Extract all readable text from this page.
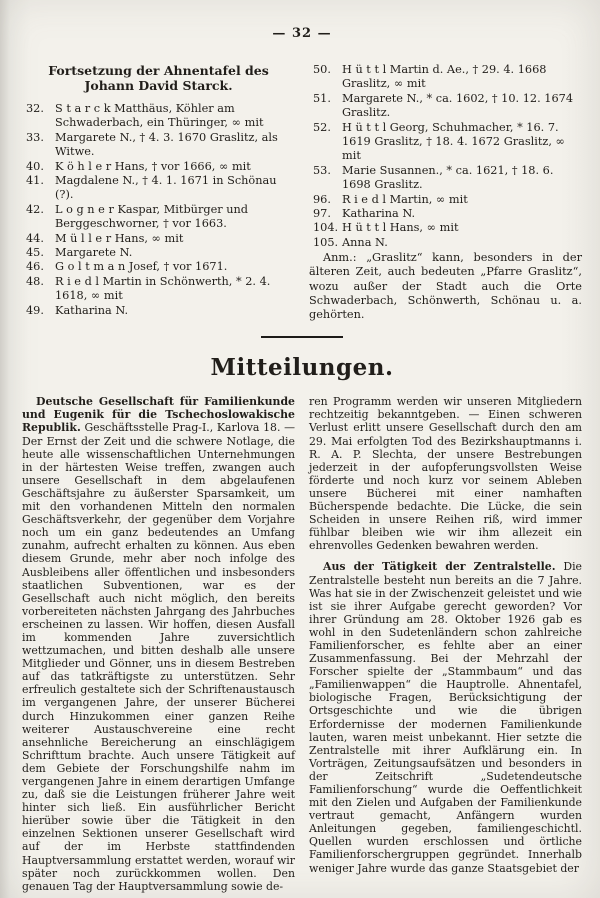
— 32 —
Fortsetzung der Ahnentafel des Johann David Starck.
32. S t a r c k Matthäus, Köhler am Schwaderbach, ein Thüringer, ∞ mit
33. Margarete N., † 4. 3. 1670 Graslitz, als Witwe.
40. K ö h l e r Hans, † vor 1666, ∞ mit
41. Magdalene N., † 4. 1. 1671 in Schönau (?).
42. L o g n e r Kaspar, Mitbürger und Berggeschworner, † vor 1663.
44. M ü l l e r Hans, ∞ mit
45. Margarete N.
46. G o l t m a n Josef, † vor 1671.
48. R i e d l Martin in Schönwerth, * 2. 4. 1618, ∞ mit
49. Katharina N.
50. H ü t t l Martin d. Ae., † 29. 4. 1668 Graslitz, ∞ mit
51. Margarete N., * ca. 1602, † 10. 12. 1674 Graslitz.
52. H ü t t l Georg, Schuhmacher, * 16. 7. 1619 Graslitz, † 18. 4. 1672 Graslitz, ∞ mit
53. Marie Susannen., * ca. 1621, † 18. 6. 1698 Graslitz.
96. R i e d l Martin, ∞ mit
97. Katharina N.
104. H ü t t l Hans, ∞ mit
105. Anna N.

Anm.: „Graslitz“ kann, besonders in der älteren Zeit, auch bedeuten „Pfarre Graslitz“, wozu außer der Stadt auch die Orte Schwaderbach, Schönwerth, Schönau u. a. gehörten.

Mitteilungen.

Deutsche Gesellschaft für Familienkunde und Eugenik für die Tschechoslowakische Republik. Geschäftsstelle Prag-I., Karlova 18. — Der Ernst der Zeit und die schwere Notlage, die heute alle wissenschaftlichen Unternehmungen in der härtesten Weise treffen, zwangen auch unsere Gesellschaft in dem abgelaufenen Geschäftsjahre zu äußerster Sparsamkeit, um mit den vorhandenen Mitteln den normalen Geschäftsverkehr, der gegenüber dem Vorjahre noch um ein ganz bedeutendes an Umfang zunahm, aufrecht erhalten zu können. Aus eben diesem Grunde, mehr aber noch infolge des Ausbleibens aller öffentlichen und insbesonders staatlichen Subventionen, war es der Gesellschaft auch nicht möglich, den bereits vorbereiteten nächsten Jahrgang des Jahrbuches erscheinen zu lassen. Wir hoffen, diesen Ausfall im kommenden Jahre zuversichtlich wettzumachen, und bitten deshalb alle unsere Mitglieder und Gönner, uns in diesem Bestreben auf das tatkräftigste zu unterstützen. Sehr erfreulich gestaltete sich der Schriftenaustausch im vergangenen Jahre, der unserer Bücherei durch Hinzukommen einer ganzen Reihe weiterer Austauschvereine eine recht ansehnliche Bereicherung an einschlägigem Schrifttum brachte. Auch unsere Tätigkeit auf dem Gebiete der Forschungshilfe nahm im vergangenen Jahre in einem derartigen Umfange zu, daß sie die Leistungen früherer Jahre weit hinter sich ließ. Ein ausführlicher Bericht hierüber sowie über die Tätigkeit in den einzelnen Sektionen unserer Gesellschaft wird auf der im Herbste stattfindenden Hauptversammlung erstattet werden, worauf wir später noch zurückkommen wollen. Den genauen Tag der Hauptversammlung sowie de-

ren Programm werden wir unseren Mitgliedern rechtzeitig bekanntgeben. — Einen schweren Verlust erlitt unsere Gesellschaft durch den am 29. Mai erfolgten Tod des Bezirkshauptmanns i. R. A. P. Slechta, der unsere Bestrebungen jederzeit in der aufopferungsvollsten Weise förderte und noch kurz vor seinem Ableben unsere Bücherei mit einer namhaften Bücherspende bedachte. Die Lücke, die sein Scheiden in unsere Reihen riß, wird immer fühlbar bleiben wie wir ihm allezeit ein ehrenvolles Gedenken bewahren werden.

Aus der Tätigkeit der Zentralstelle. Die Zentralstelle besteht nun bereits an die 7 Jahre. Was hat sie in der Zwischenzeit geleistet und wie ist sie ihrer Aufgabe gerecht geworden? Vor ihrer Gründung am 28. Oktober 1926 gab es wohl in den Sudetenländern schon zahlreiche Familienforscher, es fehlte aber an einer Zusammenfassung. Bei der Mehrzahl der Forscher spielte der „Stammbaum“ und das „Familienwappen“ die Hauptrolle. Ahnentafel, biologische Fragen, Berücksichtigung der Ortsgeschichte und wie die übrigen Erfordernisse der modernen Familienkunde lauten, waren meist unbekannt. Hier setzte die Zentralstelle mit ihrer Aufklärung ein. In Vorträgen, Zeitungsaufsätzen und besonders in der Zeitschrift „Sudetendeutsche Familienforschung“ wurde die Oeffentlichkeit mit den Zielen und Aufgaben der Familienkunde vertraut gemacht, Anfängern wurden Anleitungen gegeben, familiengeschichtl. Quellen wurden erschlossen und örtliche Familienforschergruppen gegründet. Innerhalb weniger Jahre wurde das ganze Staatsgebiet der
